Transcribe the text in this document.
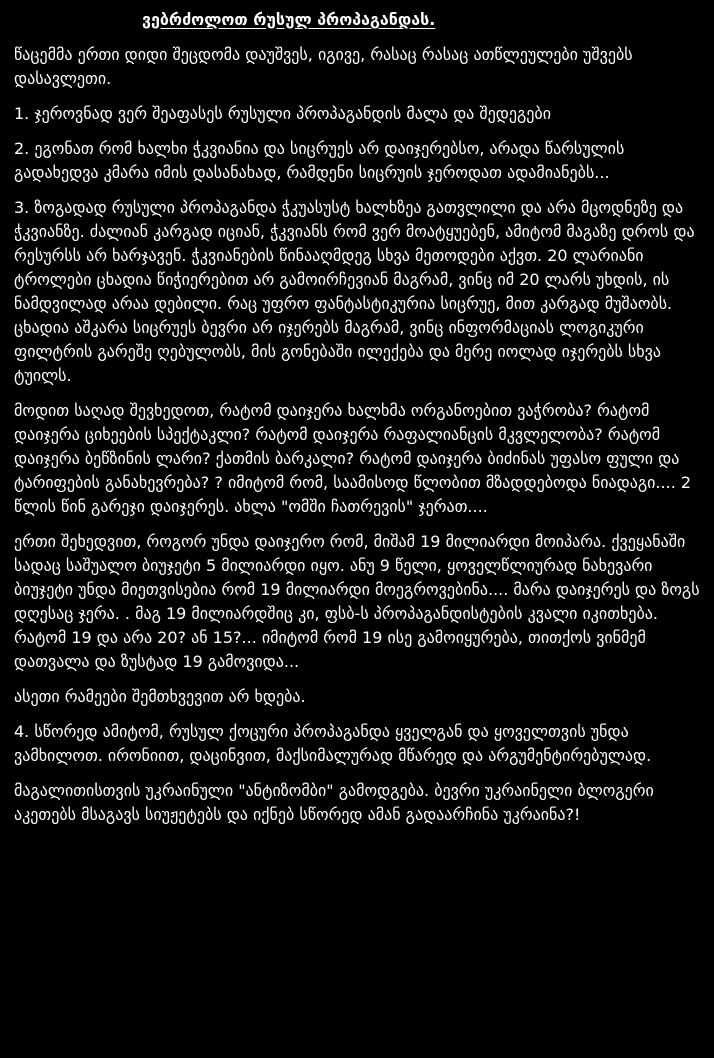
ვებრძოლოთ რუსულ პროპაგანდას.

წაცემმა ერთი დიდი შეცდომა დაუშვეს, იგივე, რასაც რასაც ათწლეულები უშვებს დასავლეთი.

1. ჯეროვნად ვერ შეაფასეს რუსული პროპაგანდის მალა და შედეგები

2. ეგონათ რომ ხალხი ჭკვიანია და სიცრუეს არ დაიჯერებსო, არადა წარსულის გადახედვა კმარა იმის დასანახად, რამდენი სიცრუის ჯეროდათ ადამიანებს...

3. ზოგადად რუსული პროპაგანდა ჭკუასუსტ ხალხზეა გათვლილი და არა მცოდნეზე და ჭკვიანზე. ძალიან კარგად იციან, ჭკვიანს რომ ვერ მოატყუებენ, ამიტომ მაგაზე დროს და რესურსს არ ხარჯავენ. ჭკვიანების წინააღმდეგ სხვა მეთოდები აქვთ. 20 ლარიანი ტროლები ცხადია წიჭიერებით არ გამოირჩევიან მაგრამ, ვინც იმ 20 ლარს უხდის, ის ნამდვილად არაა დებილი. რაც უფრო ფანტასტიკურია სიცრუე, მით კარგად მუშაობს. ცხადია აშკარა სიცრუეს ბევრი არ იჯერებს მაგრამ, ვინც ინფორმაციას ლოგიკური ფილტრის გარეშე ღებულობს, მის გონებაში ილექება და მერე იოლად იჯერებს სხვა ტუილს.

მოდით საღად შევხედოთ, რატომ დაიჯერა ხალხმა ორგანოებით ვაჭრობა? რატომ დაიჯერა ციხეების სპექტაკლი? რატომ დაიჯერა რაფალიანცის მკვლელობა? რატომ დაიჯერა ბეწზინის ლარი? ქათმის ბარკალი? რატომ დაიჯერა ბიძინას უფასო ფული და ტარიფების განახევრება? ? იმიტომ რომ, საამისოდ წლობით მზადდებოდა ნიადაგი.... 2 წლის წინ გარეჯი დაიჯერეს. ახლა "ომში ჩათრევის" ჯერათ....

ერთი შეხედვით, როგორ უნდა დაიჯერო რომ, მიშამ 19 მილიარდი მოიპარა. ქვეყანაში სადაც საშუალო ბიუჯეტი 5 მილიარდი იყო. ანუ 9 წელი, ყოველწლიურად ნახევარი ბიუჯეტი უნდა მიეთვისებია რომ 19 მილიარდი მოეგროვებინა.... მარა დაიჯერეს და ზოგს დღესაც ჯერა. . მაგ 19 მილიარდშიც კი, ფსბ-ს პროპაგანდისტების კვალი იკითხება. რატომ 19 და არა 20? ან 15?... იმიტომ რომ 19 ისე გამოიყურება, თითქოს ვინმემ დათვალა და ზუსტად 19 გამოვიდა...

ასეთი რამეები შემთხვევით არ ხდება.

4. სწორედ ამიტომ, რუსულ ქოცური პროპაგანდა ყველგან და ყოველთვის უნდა ვამხილოთ. ირონიით, დაცინვით, მაქსიმალურად მწარედ და არგუმენტირებულად.

მაგალითისთვის უკრაინული "ანტიზომბი" გამოდგება. ბევრი უკრაინელი ბლოგერი აკეთებს მსაგავს სიუჟეტებს და იქნებ სწორედ ამან გადაარჩინა უკრაინა?!
